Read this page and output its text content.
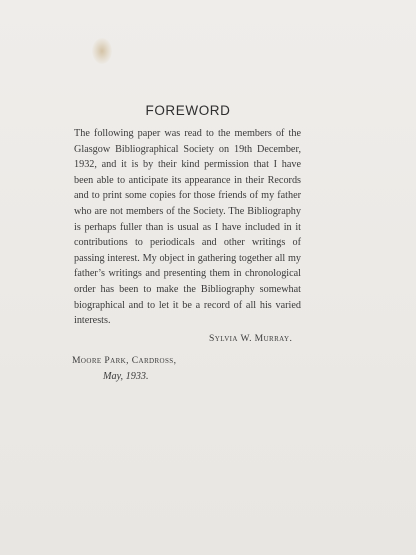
FOREWORD
The following paper was read to the members of the
Glasgow Bibliographical Society on 19th December,
1932, and it is by their kind permission that I have
been able to anticipate its appearance in their Records
and to print some copies for those friends of my father
who are not members of the Society. The Bibliography
is perhaps fuller than is usual as I have included in it
contributions to periodicals and other writings of
passing interest. My object in gathering together all my
father’s writings and presenting them in chronological
order has been to make the Bibliography somewhat
biographical and to let it be a record of all his varied
interests.
Sylvia W. Murray.
Moore Park, Cardross,
May, 1933.
